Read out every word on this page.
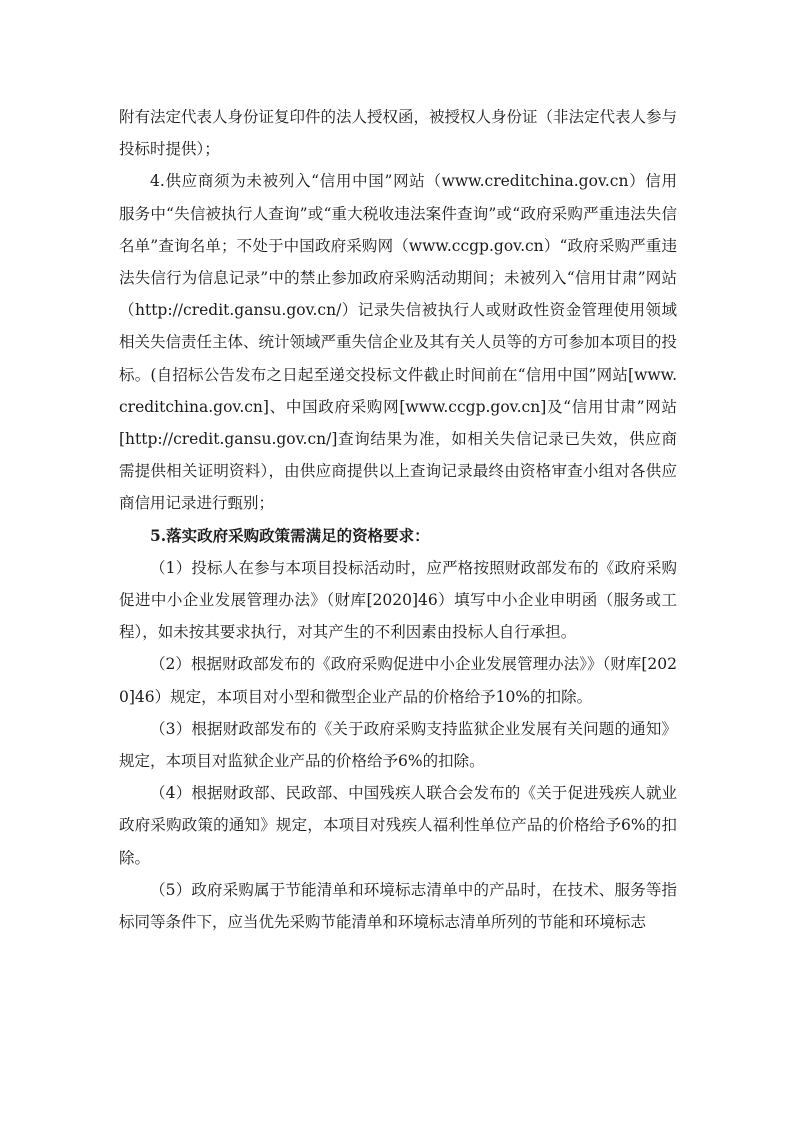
附有法定代表人身份证复印件的法人授权函，被授权人身份证（非法定代表人参与投标时提供）；

4.供应商须为未被列入“信用中国”网站（www.creditchina.gov.cn）信用服务中“失信被执行人查询”或“重大税收违法案件查询”或“政府采购严重违法失信名单”查询名单；不处于中国政府采购网（www.ccgp.gov.cn）“政府采购严重违法失信行为信息记录”中的禁止参加政府采购活动期间；未被列入“信用甘肃”网站（http://credit.gansu.gov.cn/）记录失信被执行人或财政性资金管理使用领域相关失信责任主体、统计领域严重失信企业及其有关人员等的方可参加本项目的投标。(自招标公告发布之日起至递交投标文件截止时间前在“信用中国”网站[www.creditchina.gov.cn]、中国政府采购网[www.ccgp.gov.cn]及“信用甘肃”网站[http://credit.gansu.gov.cn/]查询结果为准，如相关失信记录已失效，供应商需提供相关证明资料），由供应商提供以上查询记录最终由资格审查小组对各供应商信用记录进行甄别；

5.落实政府采购政策需满足的资格要求：

（1）投标人在参与本项目投标活动时，应严格按照财政部发布的《政府采购促进中小企业发展管理办法》（财库[2020]46）填写中小企业申明函（服务或工程），如未按其要求执行，对其产生的不利因素由投标人自行承担。

（2）根据财政部发布的《政府采购促进中小企业发展管理办法》》（财库[2020]46）规定，本项目对小型和微型企业产品的价格给予10%的扣除。

（3）根据财政部发布的《关于政府采购支持监狱企业发展有关问题的通知》规定，本项目对监狱企业产品的价格给予6%的扣除。

（4）根据财政部、民政部、中国残疾人联合会发布的《关于促进残疾人就业政府采购政策的通知》规定，本项目对残疾人福利性单位产品的价格给予6%的扣除。

（5）政府采购属于节能清单和环境标志清单中的产品时，在技术、服务等指标同等条件下，应当优先采购节能清单和环境标志清单所列的节能和环境标志
